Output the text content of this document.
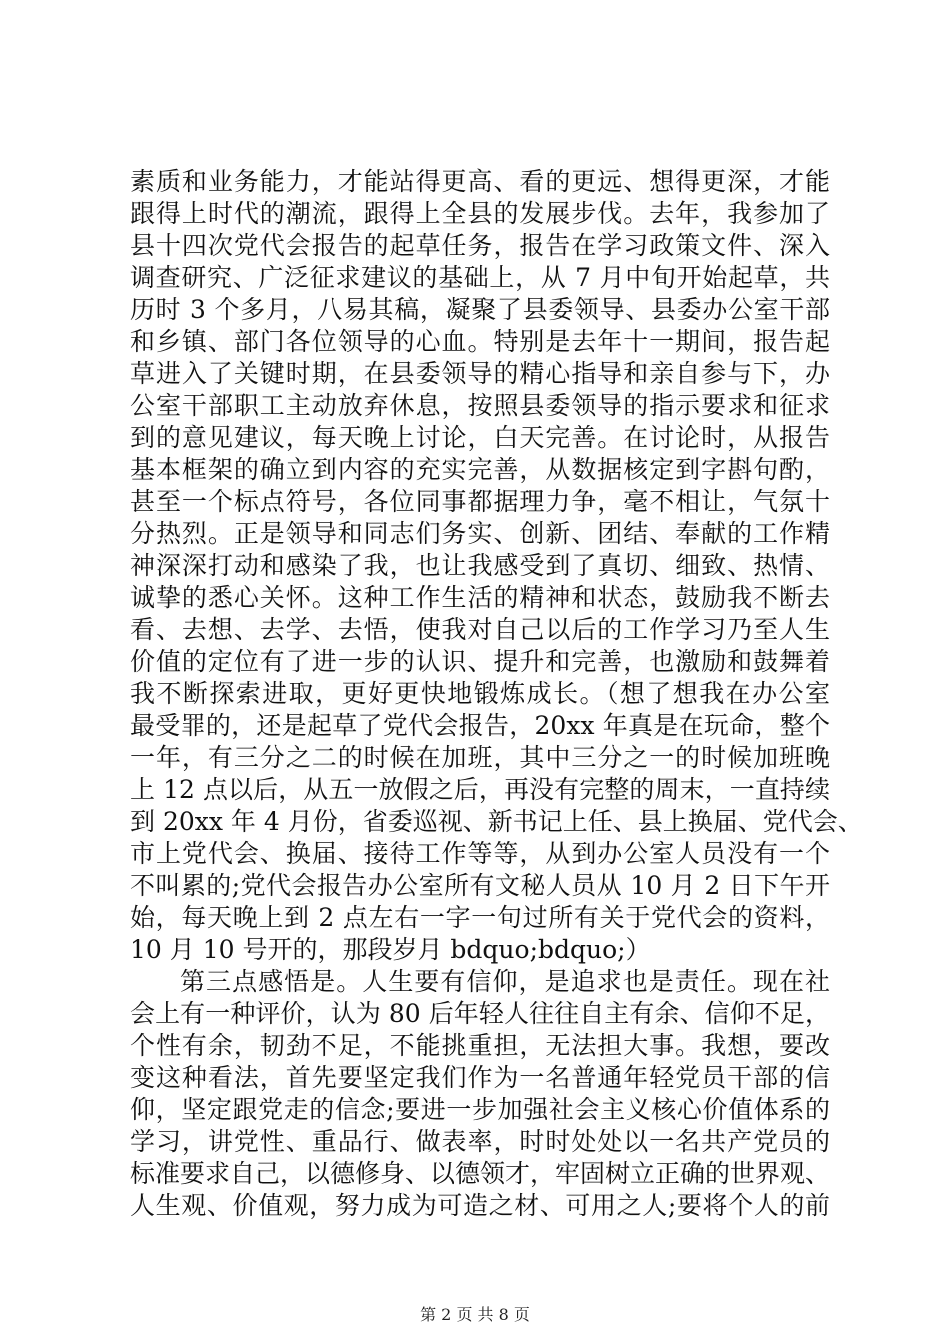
素质和业务能力，才能站得更高、看的更远、想得更深，才能
跟得上时代的潮流，跟得上全县的发展步伐。去年，我参加了
县十四次党代会报告的起草任务，报告在学习政策文件、深入
调查研究、广泛征求建议的基础上，从 7 月中旬开始起草，共
历时 3 个多月，八易其稿，凝聚了县委领导、县委办公室干部
和乡镇、部门各位领导的心血。特别是去年十一期间，报告起
草进入了关键时期，在县委领导的精心指导和亲自参与下，办
公室干部职工主动放弃休息，按照县委领导的指示要求和征求
到的意见建议，每天晚上讨论，白天完善。在讨论时，从报告
基本框架的确立到内容的充实完善，从数据核定到字斟句酌，
甚至一个标点符号，各位同事都据理力争，毫不相让，气氛十
分热烈。正是领导和同志们务实、创新、团结、奉献的工作精
神深深打动和感染了我，也让我感受到了真切、细致、热情、
诚挚的悉心关怀。这种工作生活的精神和状态，鼓励我不断去
看、去想、去学、去悟，使我对自己以后的工作学习乃至人生
价值的定位有了进一步的认识、提升和完善，也激励和鼓舞着
我不断探索进取，更好更快地锻炼成长。（想了想我在办公室
最受罪的，还是起草了党代会报告，20xx 年真是在玩命，整个
一年，有三分之二的时候在加班，其中三分之一的时候加班晚
上 12 点以后，从五一放假之后，再没有完整的周末，一直持续
到 20xx 年 4 月份，省委巡视、新书记上任、县上换届、党代会、
市上党代会、换届、接待工作等等，从到办公室人员没有一个
不叫累的;党代会报告办公室所有文秘人员从 10 月 2 日下午开
始，每天晚上到 2 点左右一字一句过所有关于党代会的资料，
10 月 10 号开的，那段岁月 bdquo;bdquo;）
第三点感悟是。人生要有信仰，是追求也是责任。现在社
会上有一种评价，认为 80 后年轻人往往自主有余、信仰不足，
个性有余，韧劲不足，不能挑重担，无法担大事。我想，要改
变这种看法，首先要坚定我们作为一名普通年轻党员干部的信
仰，坚定跟党走的信念;要进一步加强社会主义核心价值体系的
学习，讲党性、重品行、做表率，时时处处以一名共产党员的
标准要求自己，以德修身、以德领才，牢固树立正确的世界观、
人生观、价值观，努力成为可造之材、可用之人;要将个人的前
第 2 页 共 8 页
